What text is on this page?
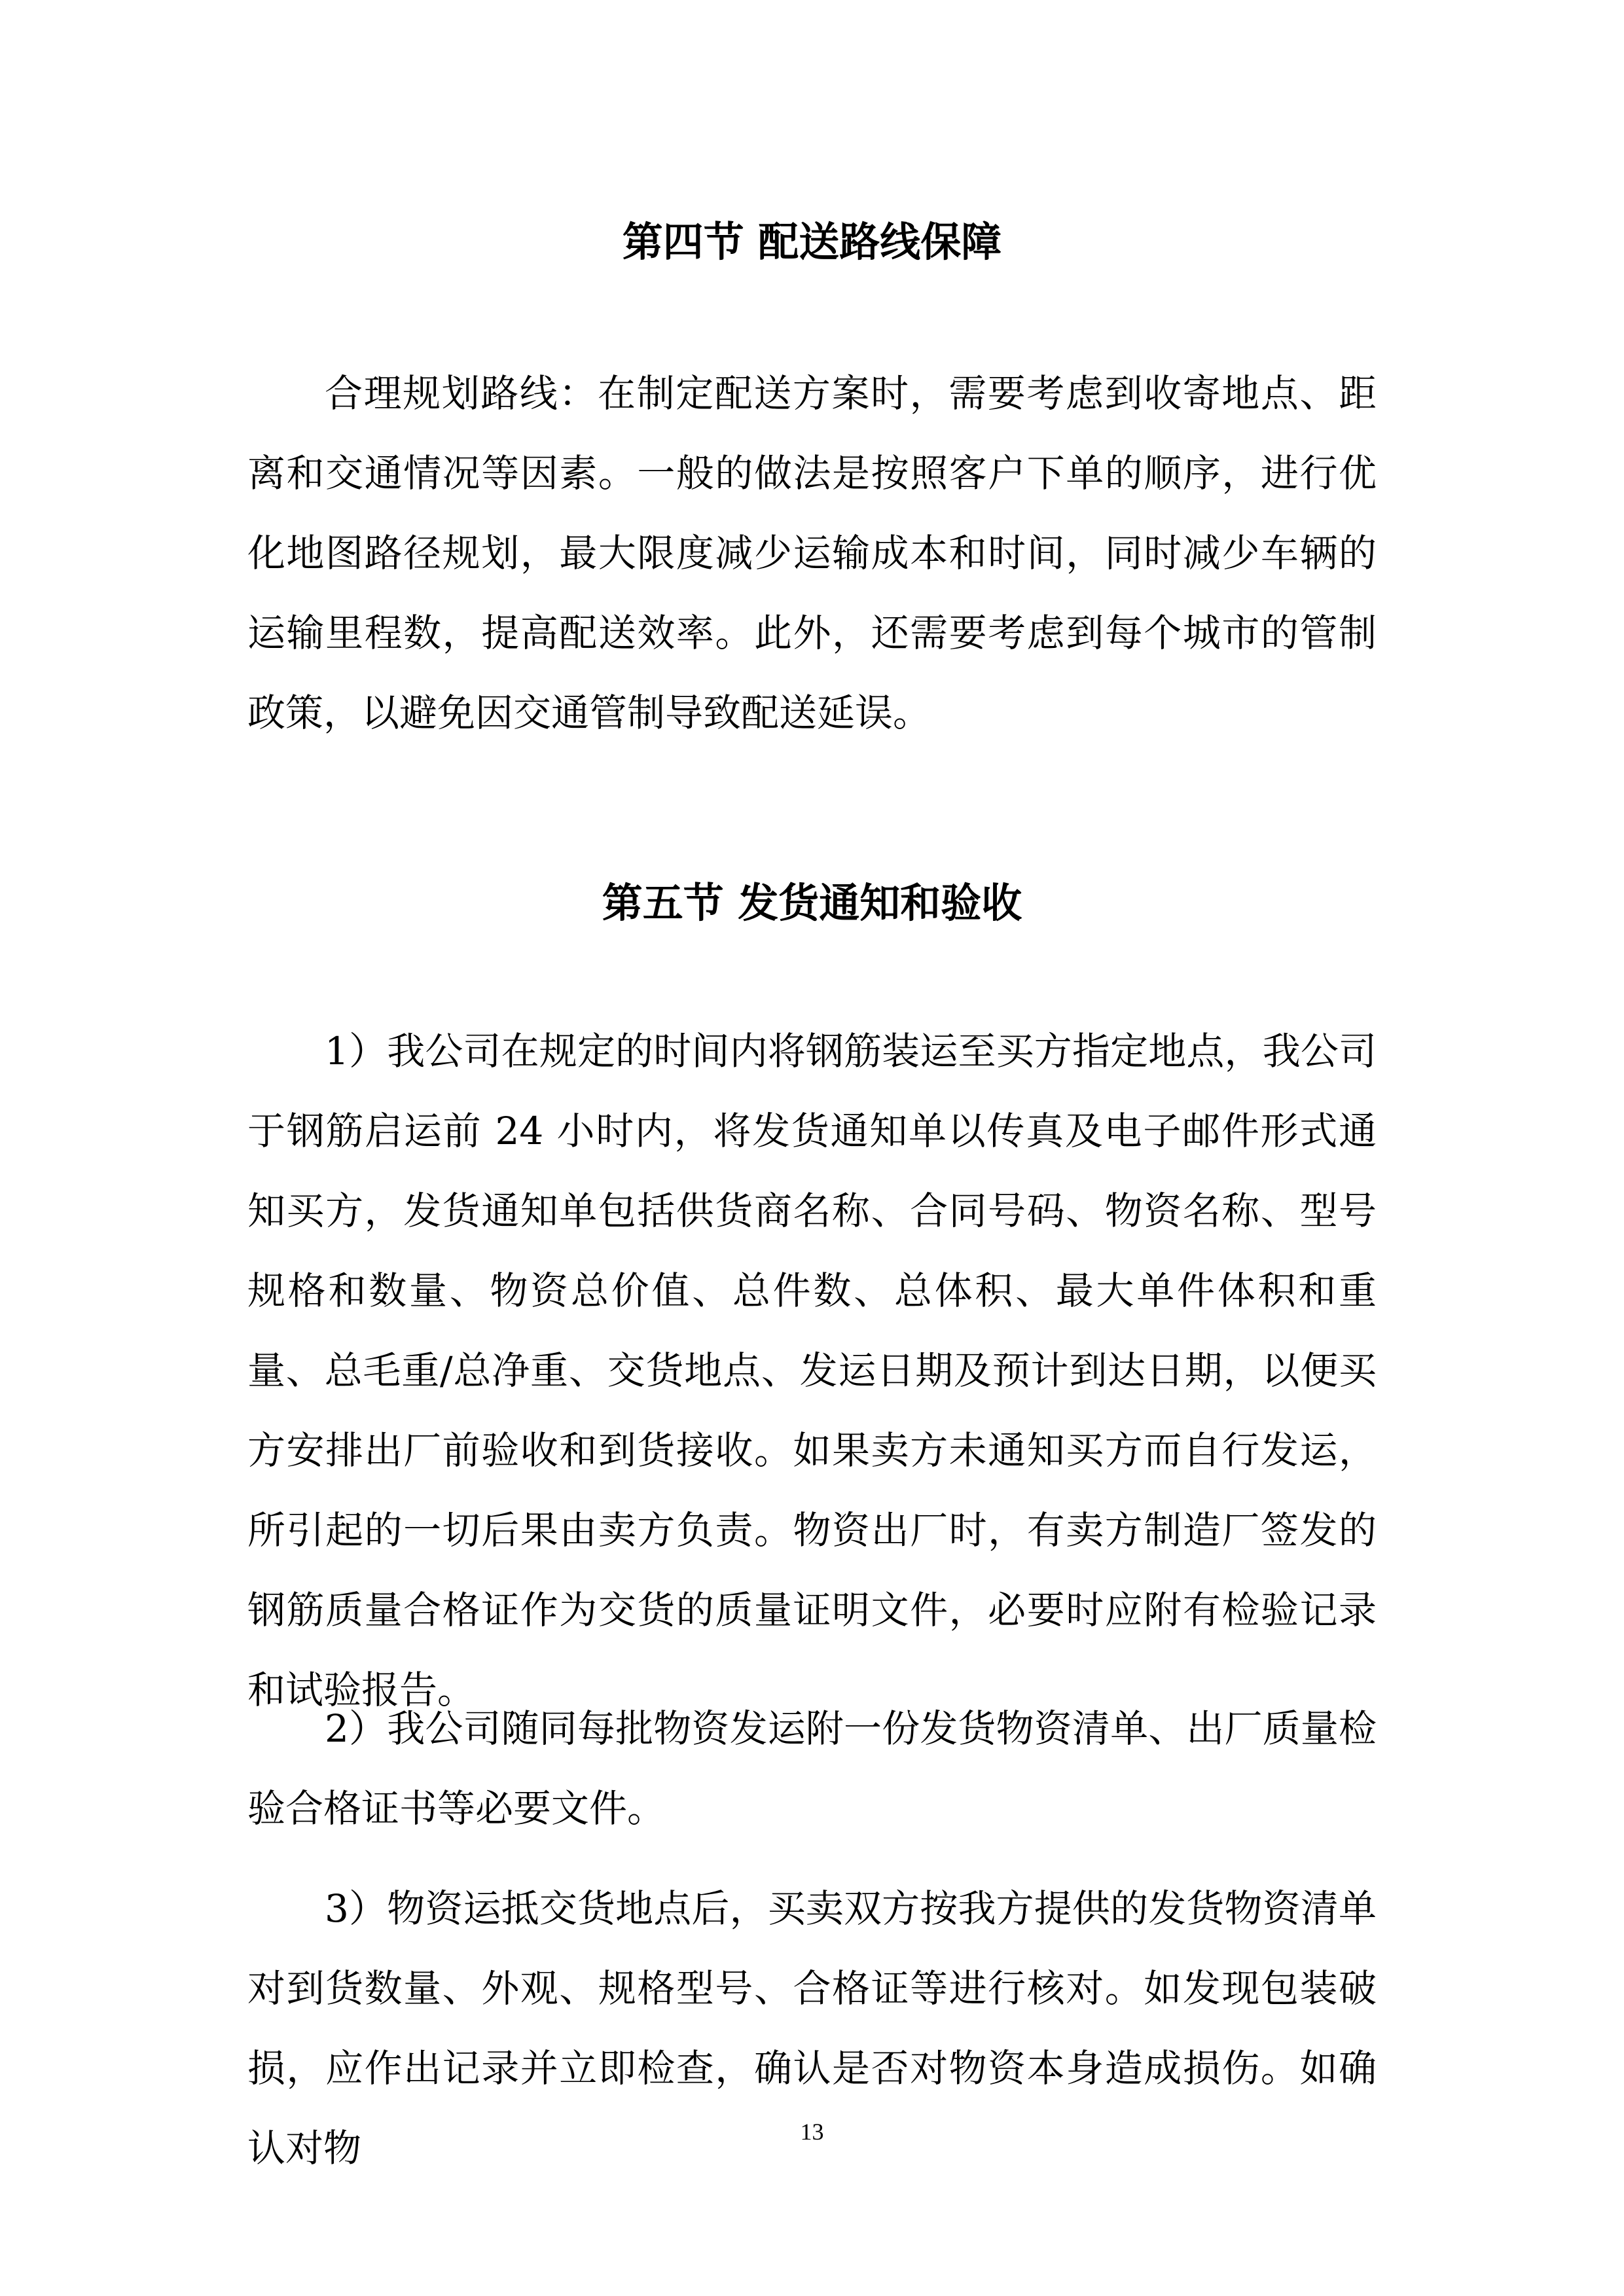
第四节 配送路线保障

合理规划路线：在制定配送方案时，需要考虑到收寄地点、距离和交通情况等因素。一般的做法是按照客户下单的顺序，进行优化地图路径规划，最大限度减少运输成本和时间，同时减少车辆的运输里程数，提高配送效率。此外，还需要考虑到每个城市的管制政策，以避免因交通管制导致配送延误。

第五节 发货通知和验收

1）我公司在规定的时间内将钢筋装运至买方指定地点，我公司于钢筋启运前 24 小时内，将发货通知单以传真及电子邮件形式通知买方，发货通知单包括供货商名称、合同号码、物资名称、型号规格和数量、物资总价值、总件数、总体积、最大单件体积和重量、总毛重/总净重、交货地点、发运日期及预计到达日期，以便买方安排出厂前验收和到货接收。如果卖方未通知买方而自行发运，所引起的一切后果由卖方负责。物资出厂时，有卖方制造厂签发的钢筋质量合格证作为交货的质量证明文件，必要时应附有检验记录和试验报告。

2）我公司随同每批物资发运附一份发货物资清单、出厂质量检验合格证书等必要文件。

3）物资运抵交货地点后，买卖双方按我方提供的发货物资清单对到货数量、外观、规格型号、合格证等进行核对。如发现包装破损，应作出记录并立即检查，确认是否对物资本身造成损伤。如确认对物	13
